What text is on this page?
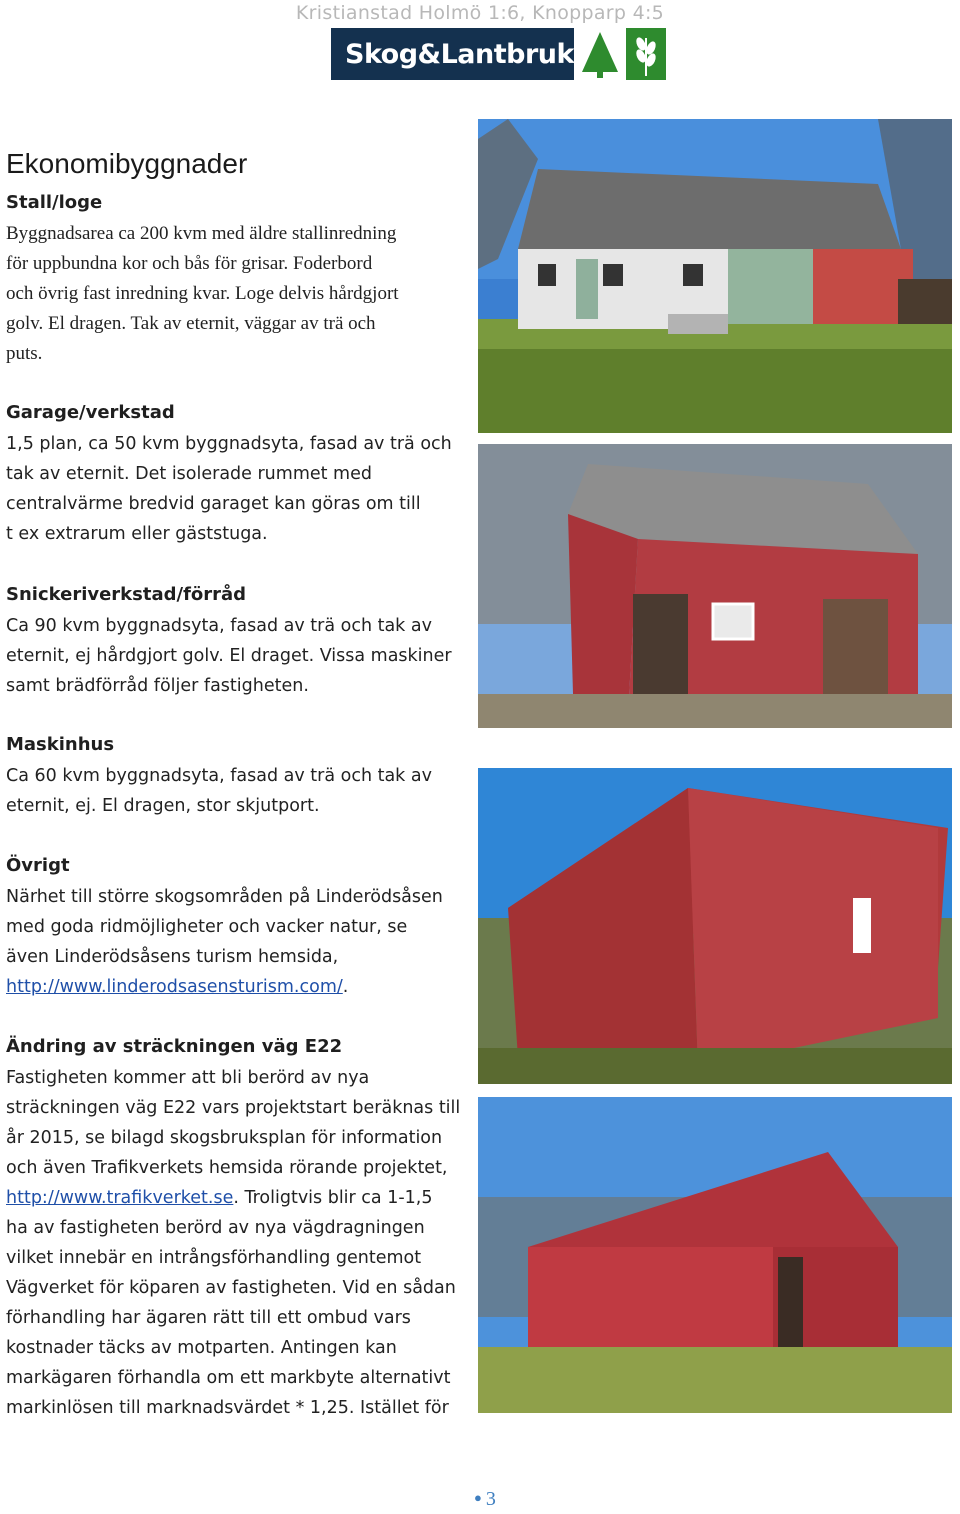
Kristianstad Holmö 1:6, Knopparp 4:5
Skog&Lantbruk
Ekonomibyggnader
Stall/loge
Byggnadsarea ca 200 kvm med äldre stallinredning
för uppbundna kor och bås för grisar. Foderbord
och övrig fast inredning kvar. Loge delvis hårdgjort
golv. El dragen. Tak av eternit, väggar av trä och
puts.
Garage/verkstad
1,5 plan, ca 50 kvm byggnadsyta, fasad av trä och
tak av eternit. Det isolerade rummet med
centralvärme bredvid garaget kan göras om till
t ex extrarum eller gäststuga.
Snickeriverkstad/förråd
Ca 90 kvm byggnadsyta, fasad av trä och tak av
eternit, ej hårdgjort golv. El draget. Vissa maskiner
samt brädförråd följer fastigheten.
Maskinhus
Ca 60 kvm byggnadsyta, fasad av trä och tak av
eternit, ej. El dragen, stor skjutport.
Övrigt
Närhet till större skogsområden på Linderödsåsen
med goda ridmöjligheter och vacker natur, se
även Linderödsåsens turism hemsida,
http://www.linderodsasensturism.com/.
Ändring av sträckningen väg E22
Fastigheten kommer att bli berörd av nya
sträckningen väg E22 vars projektstart beräknas till
år 2015, se bilagd skogsbruksplan för information
och även Trafikverkets hemsida rörande projektet,
http://www.trafikverket.se. Troligtvis blir ca 1-1,5
ha av fastigheten berörd av nya vägdragningen
vilket innebär en intrångsförhandling gentemot
Vägverket för köparen av fastigheten. Vid en sådan
förhandling har ägaren rätt till ett ombud vars
kostnader täcks av motparten. Antingen kan
markägaren förhandla om ett markbyte alternativt
markinlösen till marknadsvärdet * 1,25. Istället för
● 3
